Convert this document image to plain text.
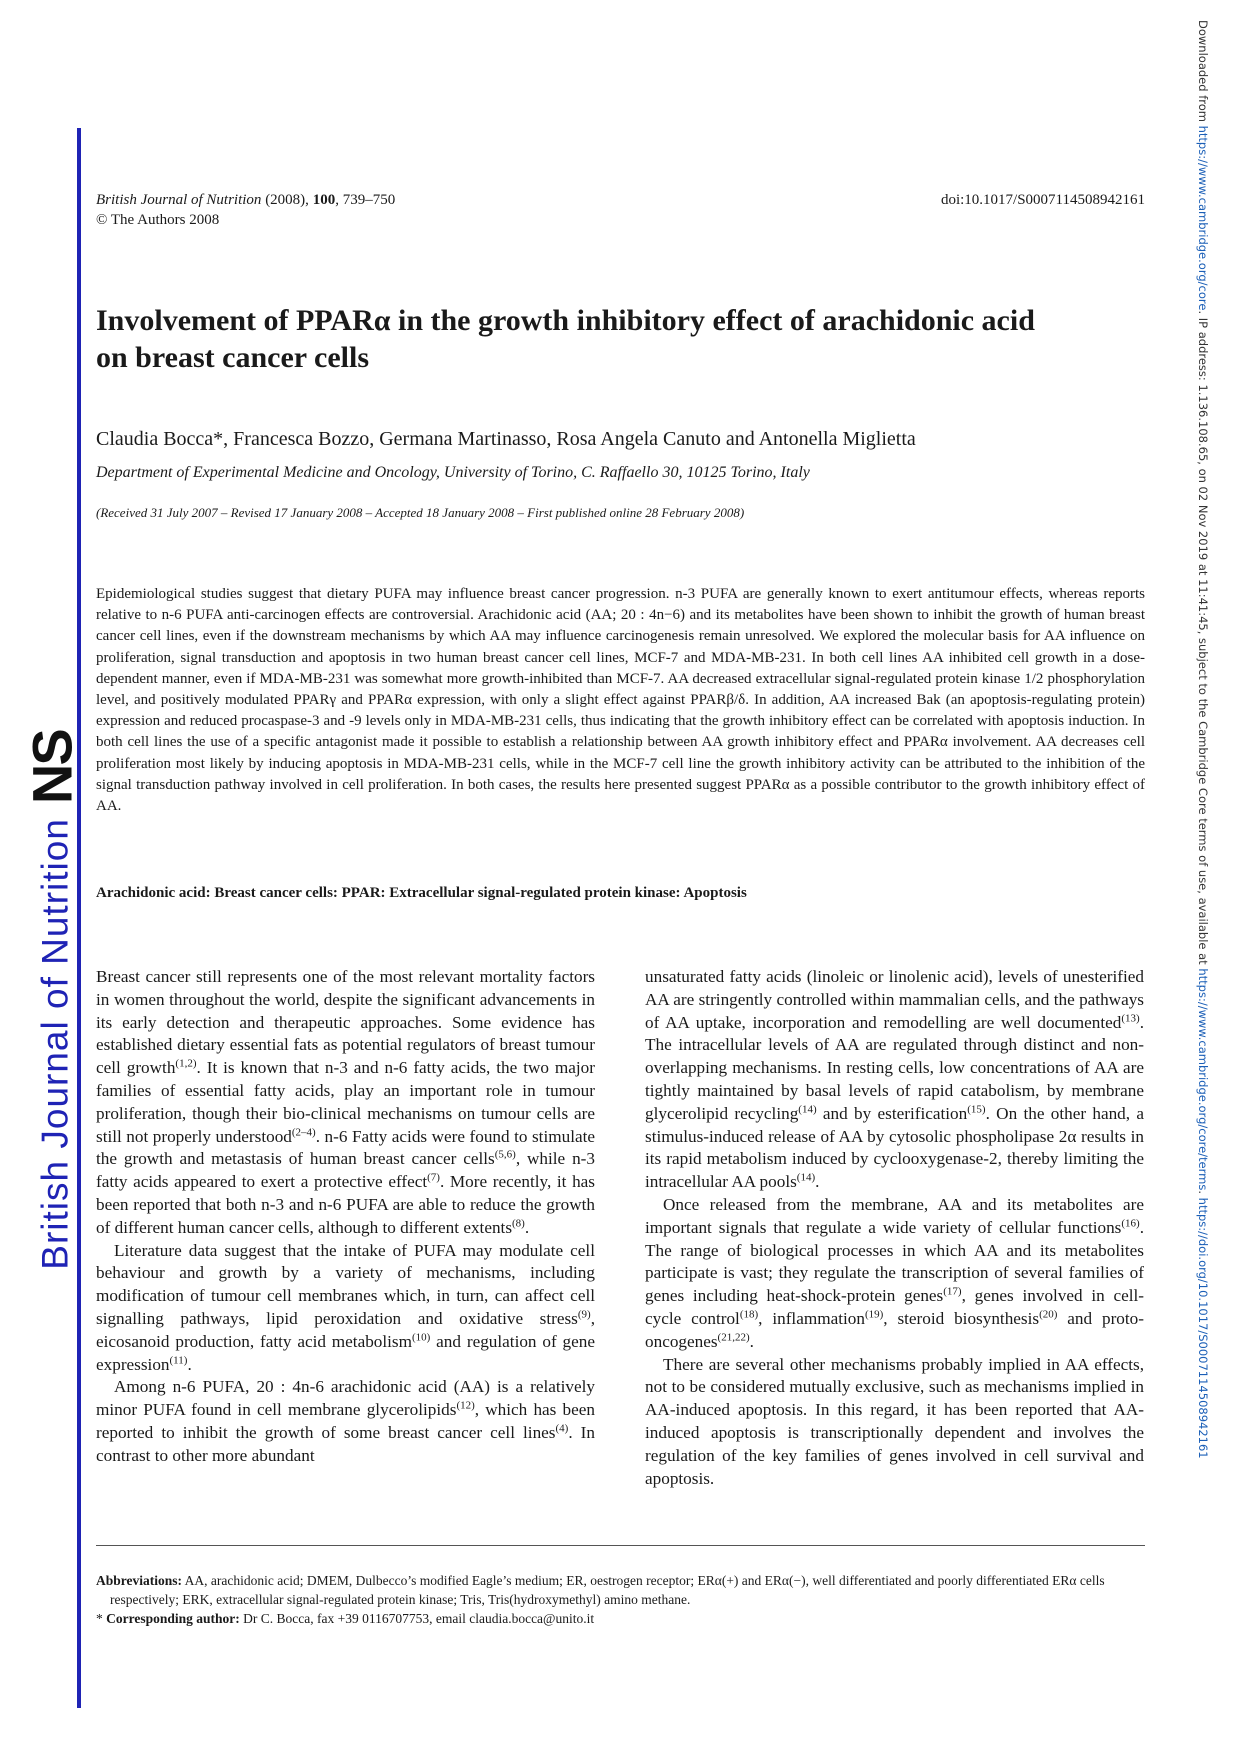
British Journal of NutritionNS
Downloaded from https://www.cambridge.org/core. IP address: 1.136.108.65, on 02 Nov 2019 at 11:41:45, subject to the Cambridge Core terms of use, available at https://www.cambridge.org/core/terms. https://doi.org/10.1017/S0007114508942161
British Journal of Nutrition (2008), 100, 739–750
© The Authors 2008
doi:10.1017/S0007114508942161
Involvement of PPARα in the growth inhibitory effect of arachidonic acid
on breast cancer cells
Claudia Bocca*, Francesca Bozzo, Germana Martinasso, Rosa Angela Canuto and Antonella Miglietta
Department of Experimental Medicine and Oncology, University of Torino, C. Raffaello 30, 10125 Torino, Italy
(Received 31 July 2007 – Revised 17 January 2008 – Accepted 18 January 2008 – First published online 28 February 2008)

Epidemiological studies suggest that dietary PUFA may influence breast cancer progression. n-3 PUFA are generally known to exert antitumour effects, whereas reports relative to n-6 PUFA anti-carcinogen effects are controversial. Arachidonic acid (AA; 20 : 4n−6) and its metabolites have been shown to inhibit the growth of human breast cancer cell lines, even if the downstream mechanisms by which AA may influence carcinogenesis remain unresolved. We explored the molecular basis for AA influence on proliferation, signal transduction and apoptosis in two human breast cancer cell lines, MCF-7 and MDA-MB-231. In both cell lines AA inhibited cell growth in a dose-dependent manner, even if MDA-MB-231 was somewhat more growth-inhibited than MCF-7. AA decreased extracellular signal-regulated protein kinase 1/2 phosphorylation level, and positively modulated PPARγ and PPARα expression, with only a slight effect against PPARβ/δ. In addition, AA increased Bak (an apoptosis-regulating protein) expression and reduced procaspase-3 and -9 levels only in MDA-MB-231 cells, thus indicating that the growth inhibitory effect can be correlated with apoptosis induction. In both cell lines the use of a specific antagonist made it possible to establish a relationship between AA growth inhibitory effect and PPARα involvement. AA decreases cell proliferation most likely by inducing apoptosis in MDA-MB-231 cells, while in the MCF-7 cell line the growth inhibitory activity can be attributed to the inhibition of the signal transduction pathway involved in cell proliferation. In both cases, the results here presented suggest PPARα as a possible contributor to the growth inhibitory effect of AA.

Arachidonic acid: Breast cancer cells: PPAR: Extracellular signal-regulated protein kinase: Apoptosis

Breast cancer still represents one of the most relevant mortality factors in women throughout the world, despite the significant advancements in its early detection and therapeutic approaches. Some evidence has established dietary essential fats as potential regulators of breast tumour cell growth$^{(1,2)}$. It is known that n-3 and n-6 fatty acids, the two major families of essential fatty acids, play an important role in tumour proliferation, though their bio-clinical mechanisms on tumour cells are still not properly understood$^{(2-4)}$. n-6 Fatty acids were found to stimulate the growth and metastasis of human breast cancer cells$^{(5,6)}$, while n-3 fatty acids appeared to exert a protective effect$^{(7)}$. More recently, it has been reported that both n-3 and n-6 PUFA are able to reduce the growth of different human cancer cells, although to different extents$^{(8)}$.

Literature data suggest that the intake of PUFA may modulate cell behaviour and growth by a variety of mechanisms, including modification of tumour cell membranes which, in turn, can affect cell signalling pathways, lipid peroxidation and oxidative stress$^{(9)}$, eicosanoid production, fatty acid metabolism$^{(10)}$ and regulation of gene expression$^{(11)}$.

Among n-6 PUFA, 20 : 4n-6 arachidonic acid (AA) is a relatively minor PUFA found in cell membrane glycerolipids$^{(12)}$, which has been reported to inhibit the growth of some breast cancer cell lines$^{(4)}$. In contrast to other more abundant

unsaturated fatty acids (linoleic or linolenic acid), levels of unesterified AA are stringently controlled within mammalian cells, and the pathways of AA uptake, incorporation and remodelling are well documented$^{(13)}$. The intracellular levels of AA are regulated through distinct and non-overlapping mechanisms. In resting cells, low concentrations of AA are tightly maintained by basal levels of rapid catabolism, by membrane glycerolipid recycling$^{(14)}$ and by esterification$^{(15)}$. On the other hand, a stimulus-induced release of AA by cytosolic phospholipase 2α results in its rapid metabolism induced by cyclooxygenase-2, thereby limiting the intracellular AA pools$^{(14)}$.

Once released from the membrane, AA and its metabolites are important signals that regulate a wide variety of cellular functions$^{(16)}$. The range of biological processes in which AA and its metabolites participate is vast; they regulate the transcription of several families of genes including heat-shock-protein genes$^{(17)}$, genes involved in cell-cycle control$^{(18)}$, inflammation$^{(19)}$, steroid biosynthesis$^{(20)}$ and proto-oncogenes$^{(21,22)}$.

There are several other mechanisms probably implied in AA effects, not to be considered mutually exclusive, such as mechanisms implied in AA-induced apoptosis. In this regard, it has been reported that AA-induced apoptosis is transcriptionally dependent and involves the regulation of the key families of genes involved in cell survival and apoptosis.

Abbreviations: AA, arachidonic acid; DMEM, Dulbecco’s modified Eagle’s medium; ER, oestrogen receptor; ERα(+) and ERα(−), well differentiated and poorly differentiated ERα cells respectively; ERK, extracellular signal-regulated protein kinase; Tris, Tris(hydroxymethyl) amino methane.

* Corresponding author: Dr C. Bocca, fax +39 0116707753, email claudia.bocca@unito.it
